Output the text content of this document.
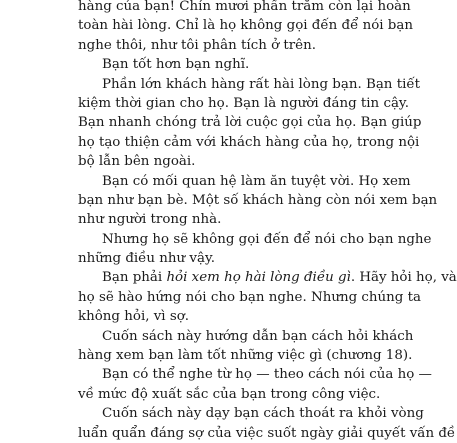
hàng của bạn! Chín mươi phần trăm còn lại hoàn
toàn hài lòng. Chỉ là họ không gọi đến để nói bạn
nghe thôi, như tôi phân tích ở trên.
Bạn tốt hơn bạn nghĩ.
Phần lớn khách hàng rất hài lòng bạn. Bạn tiết
kiệm thời gian cho họ. Bạn là người đáng tin cậy.
Bạn nhanh chóng trả lời cuộc gọi của họ. Bạn giúp
họ tạo thiện cảm với khách hàng của họ, trong nội
bộ lẫn bên ngoài.
Bạn có mối quan hệ làm ăn tuyệt vời. Họ xem
bạn như bạn bè. Một số khách hàng còn nói xem bạn
như người trong nhà.
Nhưng họ sẽ không gọi đến để nói cho bạn nghe
những điều như vậy.
Bạn phải hỏi xem họ hài lòng điều gì. Hãy hỏi họ, và
họ sẽ hào hứng nói cho bạn nghe. Nhưng chúng ta
không hỏi, vì sợ.
Cuốn sách này hướng dẫn bạn cách hỏi khách
hàng xem bạn làm tốt những việc gì (chương 18).
Bạn có thể nghe từ họ — theo cách nói của họ —
về mức độ xuất sắc của bạn trong công việc.
Cuốn sách này dạy bạn cách thoát ra khỏi vòng
luẩn quẩn đáng sợ của việc suốt ngày giải quyết vấn đề
